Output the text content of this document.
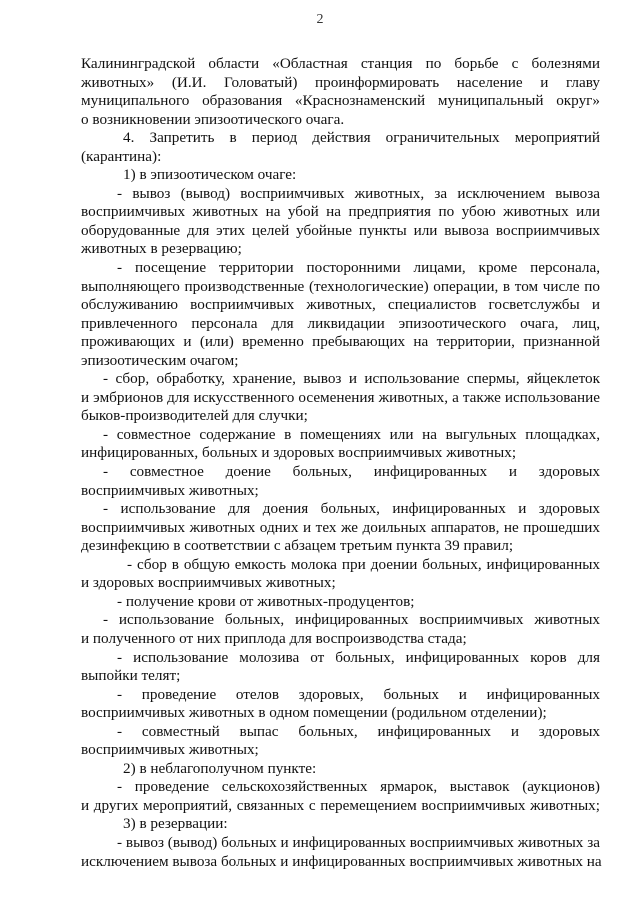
2
Калининградской области «Областная станция по борьбе с болезнями
животных» (И.И. Головатый) проинформировать население и главу
муниципального образования «Краснознаменский муниципальный округ»
о возникновении эпизоотического очага.
4. Запретить в период действия ограничительных мероприятий
(карантина):
1) в эпизоотическом очаге:
- вывоз (вывод) восприимчивых животных, за исключением вывоза
восприимчивых животных на убой на предприятия по убою животных или
оборудованные для этих целей убойные пункты или вывоза восприимчивых
животных в резервацию;
- посещение территории посторонними лицами, кроме персонала,
выполняющего производственные (технологические) операции, в том числе по
обслуживанию восприимчивых животных, специалистов госветслужбы и
привлеченного персонала для ликвидации эпизоотического очага, лиц,
проживающих и (или) временно пребывающих на территории, признанной
эпизоотическим очагом;
- сбор, обработку, хранение, вывоз и использование спермы, яйцеклеток
и эмбрионов для искусственного осеменения животных, а также использование
быков-производителей для случки;
- совместное содержание в помещениях или на выгульных площадках,
инфицированных, больных и здоровых восприимчивых животных;
- совместное доение больных, инфицированных и здоровых
восприимчивых животных;
- использование для доения больных, инфицированных и здоровых
восприимчивых животных одних и тех же доильных аппаратов, не прошедших
дезинфекцию в соответствии с абзацем третьим пункта 39 правил;
- сбор в общую емкость молока при доении больных, инфицированных
и здоровых восприимчивых животных;
- получение крови от животных-продуцентов;
- использование больных, инфицированных восприимчивых животных
и полученного от них приплода для воспроизводства стада;
- использование молозива от больных, инфицированных коров для
выпойки телят;
- проведение отелов здоровых, больных и инфицированных
восприимчивых животных в одном помещении (родильном отделении);
- совместный выпас больных, инфицированных и здоровых
восприимчивых животных;
2) в неблагополучном пункте:
- проведение сельскохозяйственных ярмарок, выставок (аукционов)
и других мероприятий, связанных с перемещением восприимчивых животных;
3) в резервации:
- вывоз (вывод) больных и инфицированных восприимчивых животных за
исключением вывоза больных и инфицированных восприимчивых животных на
